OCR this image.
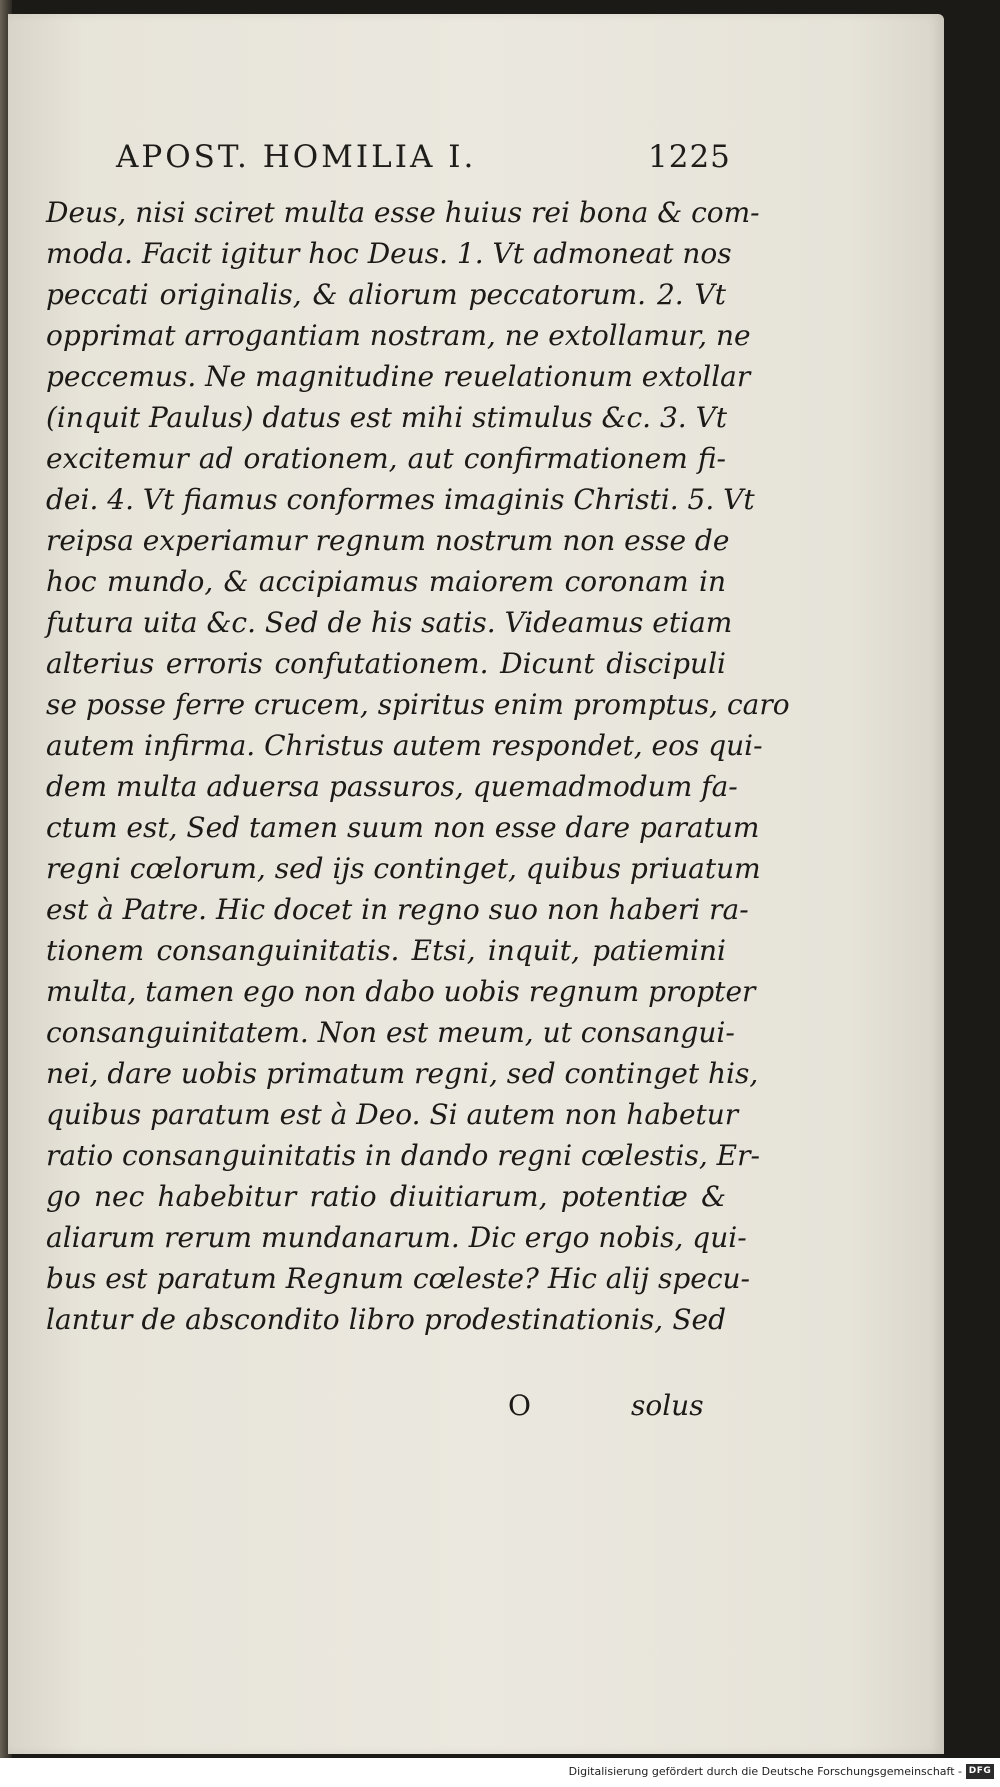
APOST. HOMILIA I.	1225
Deus, nisi sciret multa esse huius rei bona & com-
moda. Facit igitur hoc Deus. 1. Vt admoneat nos
peccati originalis, & aliorum peccatorum. 2. Vt
opprimat arrogantiam nostram, ne extollamur, ne
peccemus. Ne magnitudine reuelationum extollar
(inquit Paulus) datus est mihi stimulus &c. 3. Vt
excitemur ad orationem, aut confirmationem fi-
dei. 4. Vt fiamus conformes imaginis Christi. 5. Vt
reipsa experiamur regnum nostrum non esse de
hoc mundo, & accipiamus maiorem coronam in
futura uita &c. Sed de his satis. Videamus etiam
alterius erroris confutationem. Dicunt discipuli
se posse ferre crucem, spiritus enim promptus, caro
autem infirma. Christus autem respondet, eos qui-
dem multa aduersa passuros, quemadmodum fa-
ctum est, Sed tamen suum non esse dare paratum
regni cœlorum, sed ijs continget, quibus priuatum
est à Patre. Hic docet in regno suo non haberi ra-
tionem consanguinitatis. Etsi, inquit, patiemini
multa, tamen ego non dabo uobis regnum propter
consanguinitatem. Non est meum, ut consangui-
nei, dare uobis primatum regni, sed continget his,
quibus paratum est à Deo. Si autem non habetur
ratio consanguinitatis in dando regni cœlestis, Er-
go nec habebitur ratio diuitiarum, potentiæ &
aliarum rerum mundanarum. Dic ergo nobis, qui-
bus est paratum Regnum cœleste? Hic alij specu-
lantur de abscondito libro prodestinationis, Sed
O	solus
Digitalisierung gefördert durch die Deutsche Forschungsgemeinschaft - DFG
